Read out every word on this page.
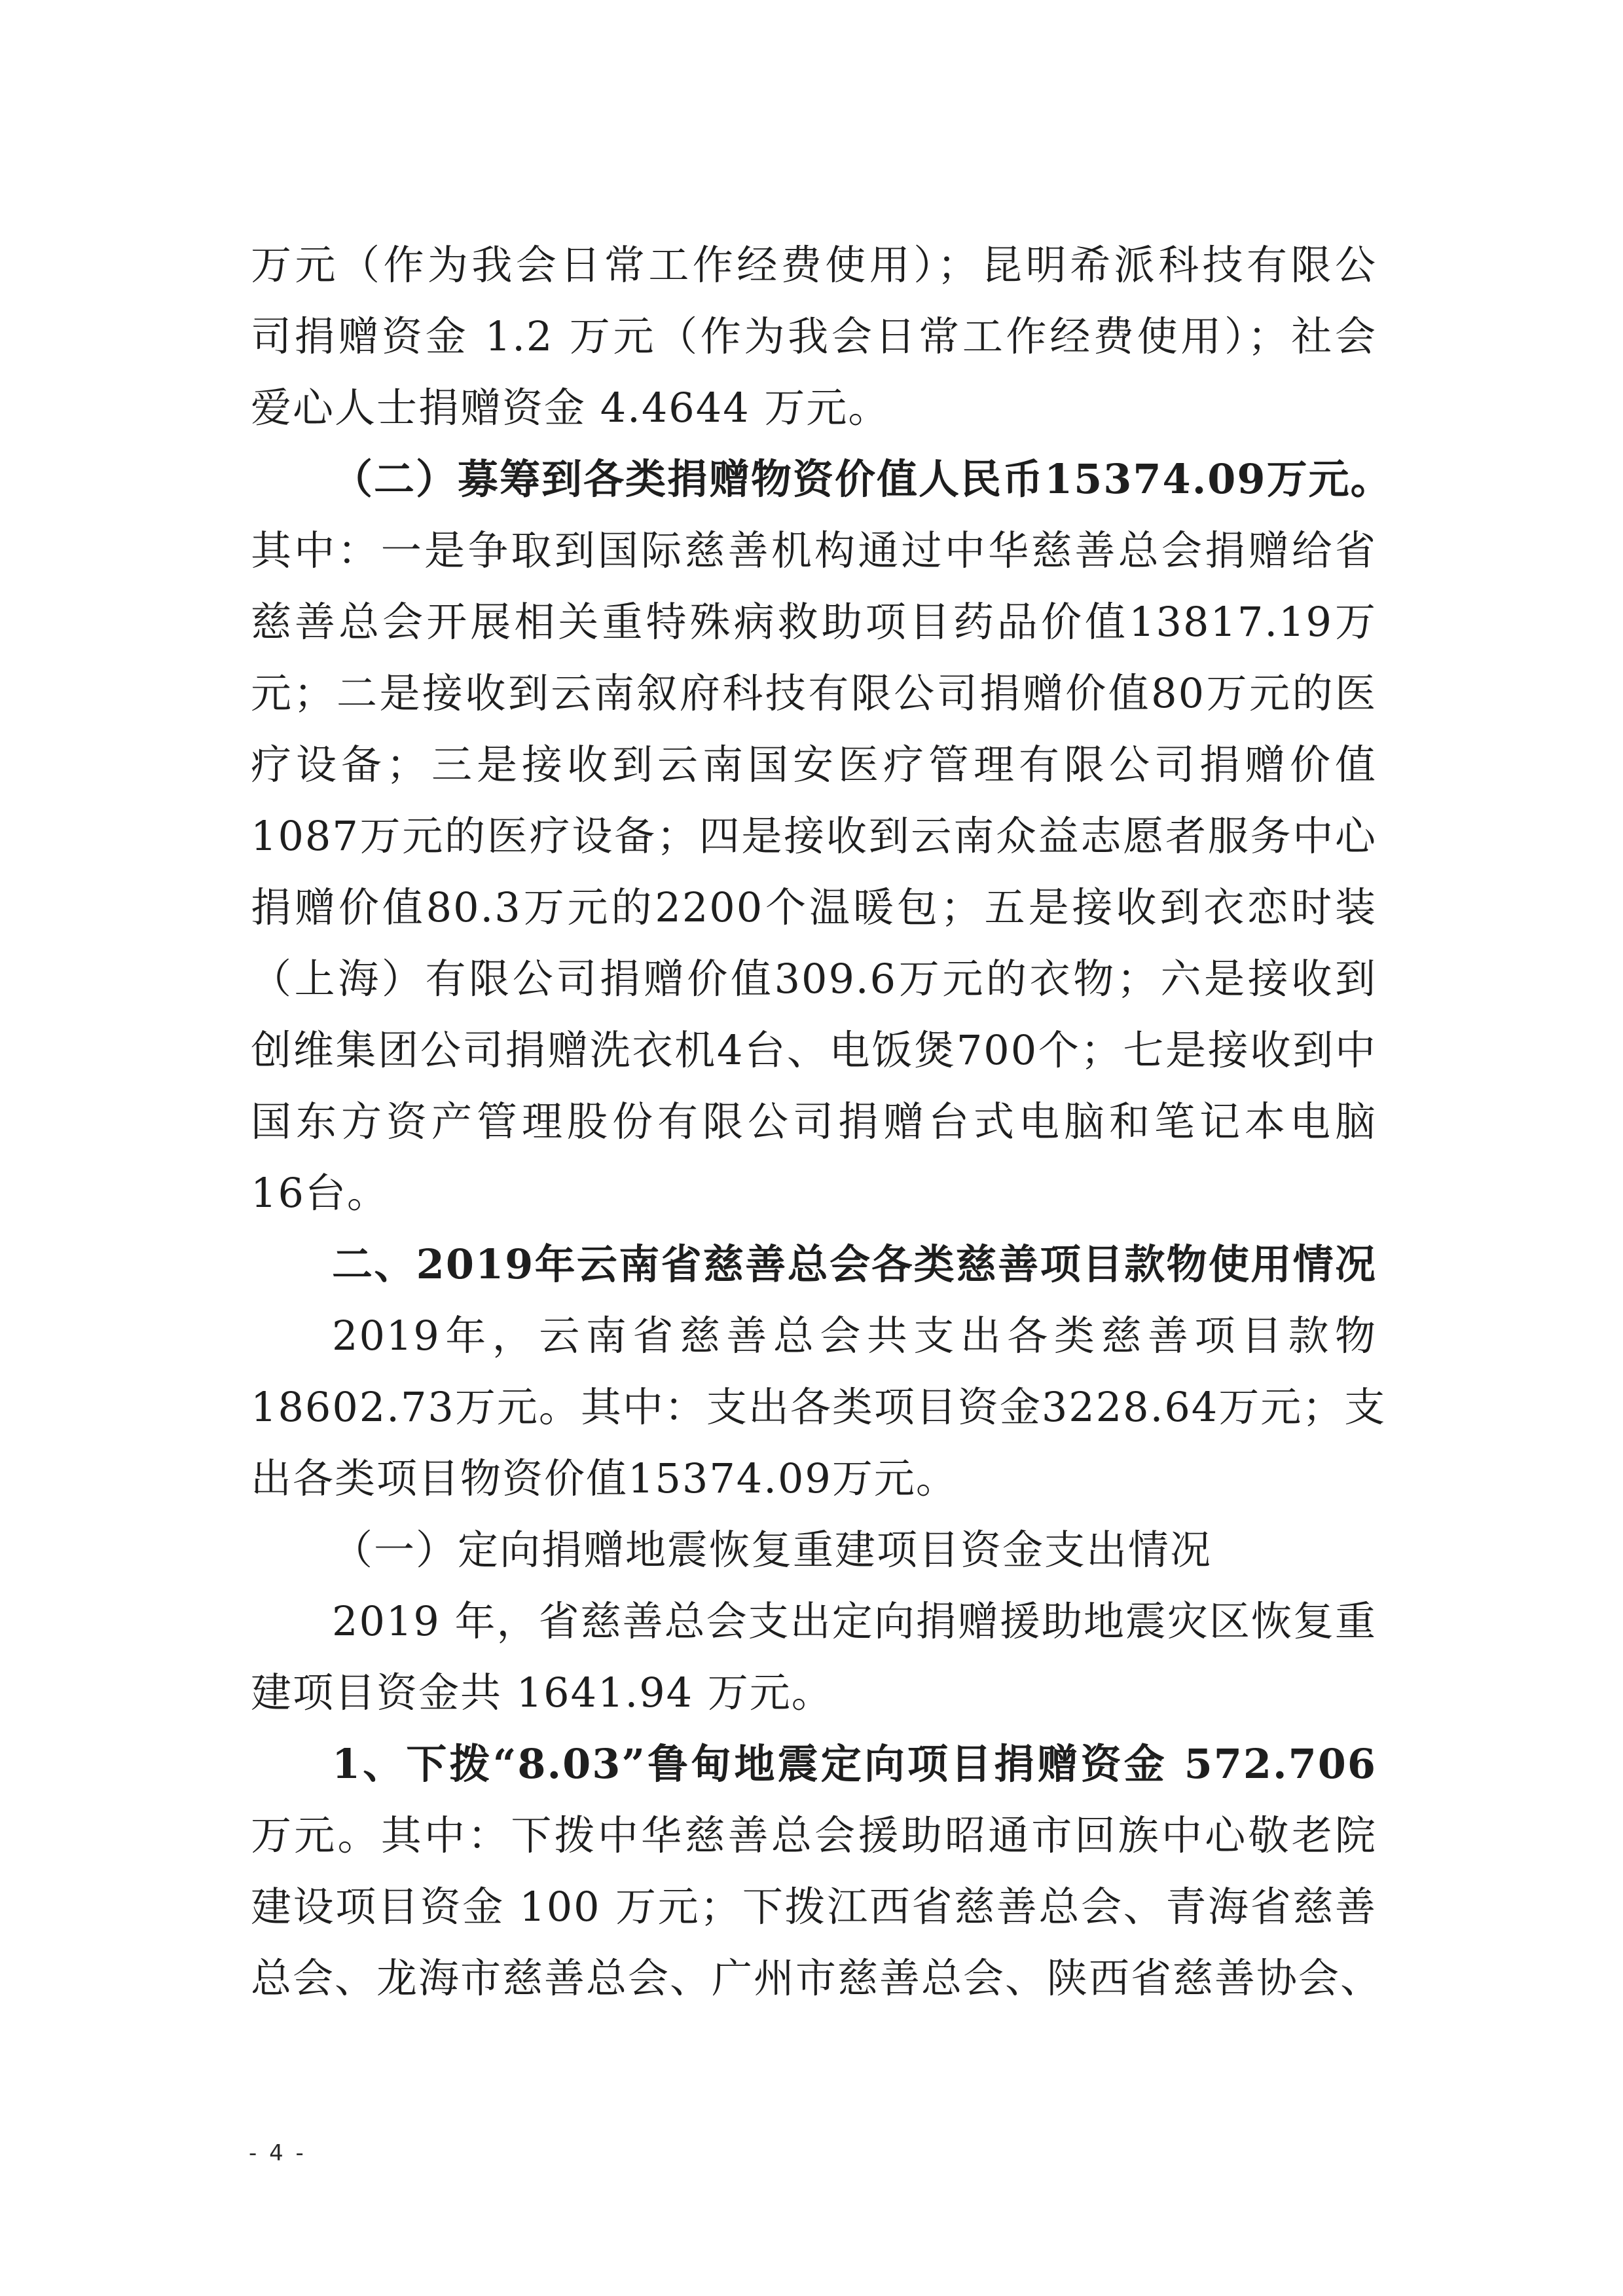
万元（作为我会日常工作经费使用）；昆明希派科技有限公
司捐赠资金 1.2 万元（作为我会日常工作经费使用）；社会
爱心人士捐赠资金 4.4644 万元。
（二）募筹到各类捐赠物资价值人民币15374.09万元。
其中：一是争取到国际慈善机构通过中华慈善总会捐赠给省
慈善总会开展相关重特殊病救助项目药品价值13817.19万
元；二是接收到云南叙府科技有限公司捐赠价值80万元的医
疗设备；三是接收到云南国安医疗管理有限公司捐赠价值
1087万元的医疗设备；四是接收到云南众益志愿者服务中心
捐赠价值80.3万元的2200个温暖包；五是接收到衣恋时装
（上海）有限公司捐赠价值309.6万元的衣物；六是接收到
创维集团公司捐赠洗衣机4台、电饭煲700个；七是接收到中
国东方资产管理股份有限公司捐赠台式电脑和笔记本电脑
16台。
二、2019年云南省慈善总会各类慈善项目款物使用情况
2019年，云南省慈善总会共支出各类慈善项目款物
18602.73万元。其中：支出各类项目资金3228.64万元；支
出各类项目物资价值15374.09万元。
（一）定向捐赠地震恢复重建项目资金支出情况
2019 年，省慈善总会支出定向捐赠援助地震灾区恢复重
建项目资金共 1641.94 万元。
1、下拨“8.03”鲁甸地震定向项目捐赠资金 572.706
万元。其中：下拨中华慈善总会援助昭通市回族中心敬老院
建设项目资金 100 万元；下拨江西省慈善总会、青海省慈善
总会、龙海市慈善总会、广州市慈善总会、陕西省慈善协会、
- 4 -
